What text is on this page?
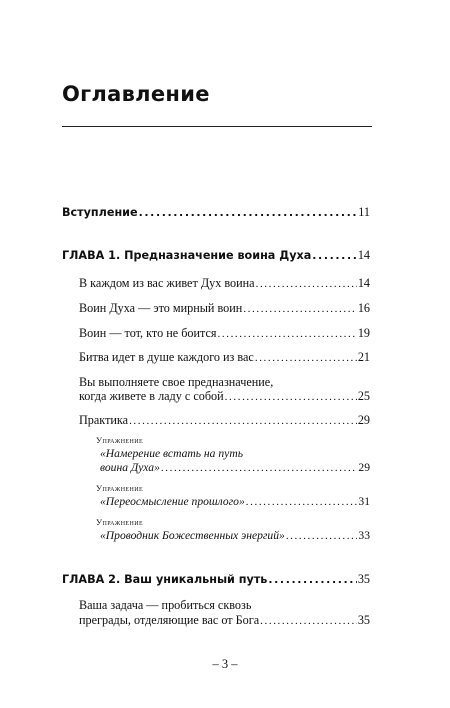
Оглавление
Вступление .....	11
ГЛАВА 1. Предназначение воина Духа .....	14
В каждом из вас живет Дух воина .....	14
Воин Духа — это мирный воин .....	16
Воин — тот, кто не боится .....	19
Битва идет в душе каждого из вас .....	21
Вы выполняете свое предназначение,
когда живете в ладу с собой .....	25
Практика .....	29
Упражнение
«Намерение встать на путь
воина Духа» .....	29
Упражнение
«Переосмысление прошлого» .....	31
Упражнение
«Проводник Божественных энергий» .....	33
ГЛАВА 2. Ваш уникальный путь .....	35
Ваша задача — пробиться сквозь
преграды, отделяющие вас от Бога .....	35
– 3 –
